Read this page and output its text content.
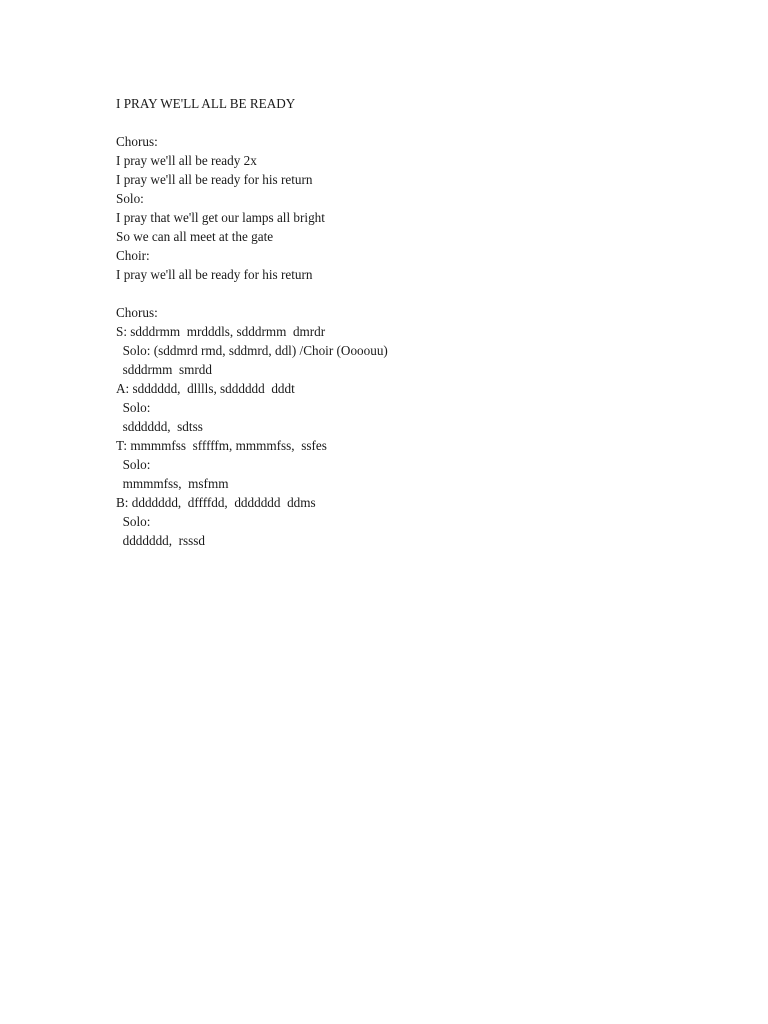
I PRAY WE'LL ALL BE READY
Chorus:
I pray we'll all be ready 2x
I pray we'll all be ready for his return
Solo:
I pray that we'll get our lamps all bright
So we can all meet at the gate
Choir:
I pray we'll all be ready for his return
Chorus:
S: sdddrmm  mrdddls, sdddrmm  dmrdr
Solo: (sddmrd rmd, sddmrd, ddl) /Choir (Oooouu)
sdddrmm  smrdd
A: sdddddd,  dlllls, sdddddd  dddt
Solo:
sdddddd,  sdtss
T: mmmmfss  sfffffm, mmmmfss,  ssfes
Solo:
mmmmfss,  msfmm
B: ddddddd,  dffffdd,  ddddddd  ddms
Solo:
ddddddd,  rsssd
